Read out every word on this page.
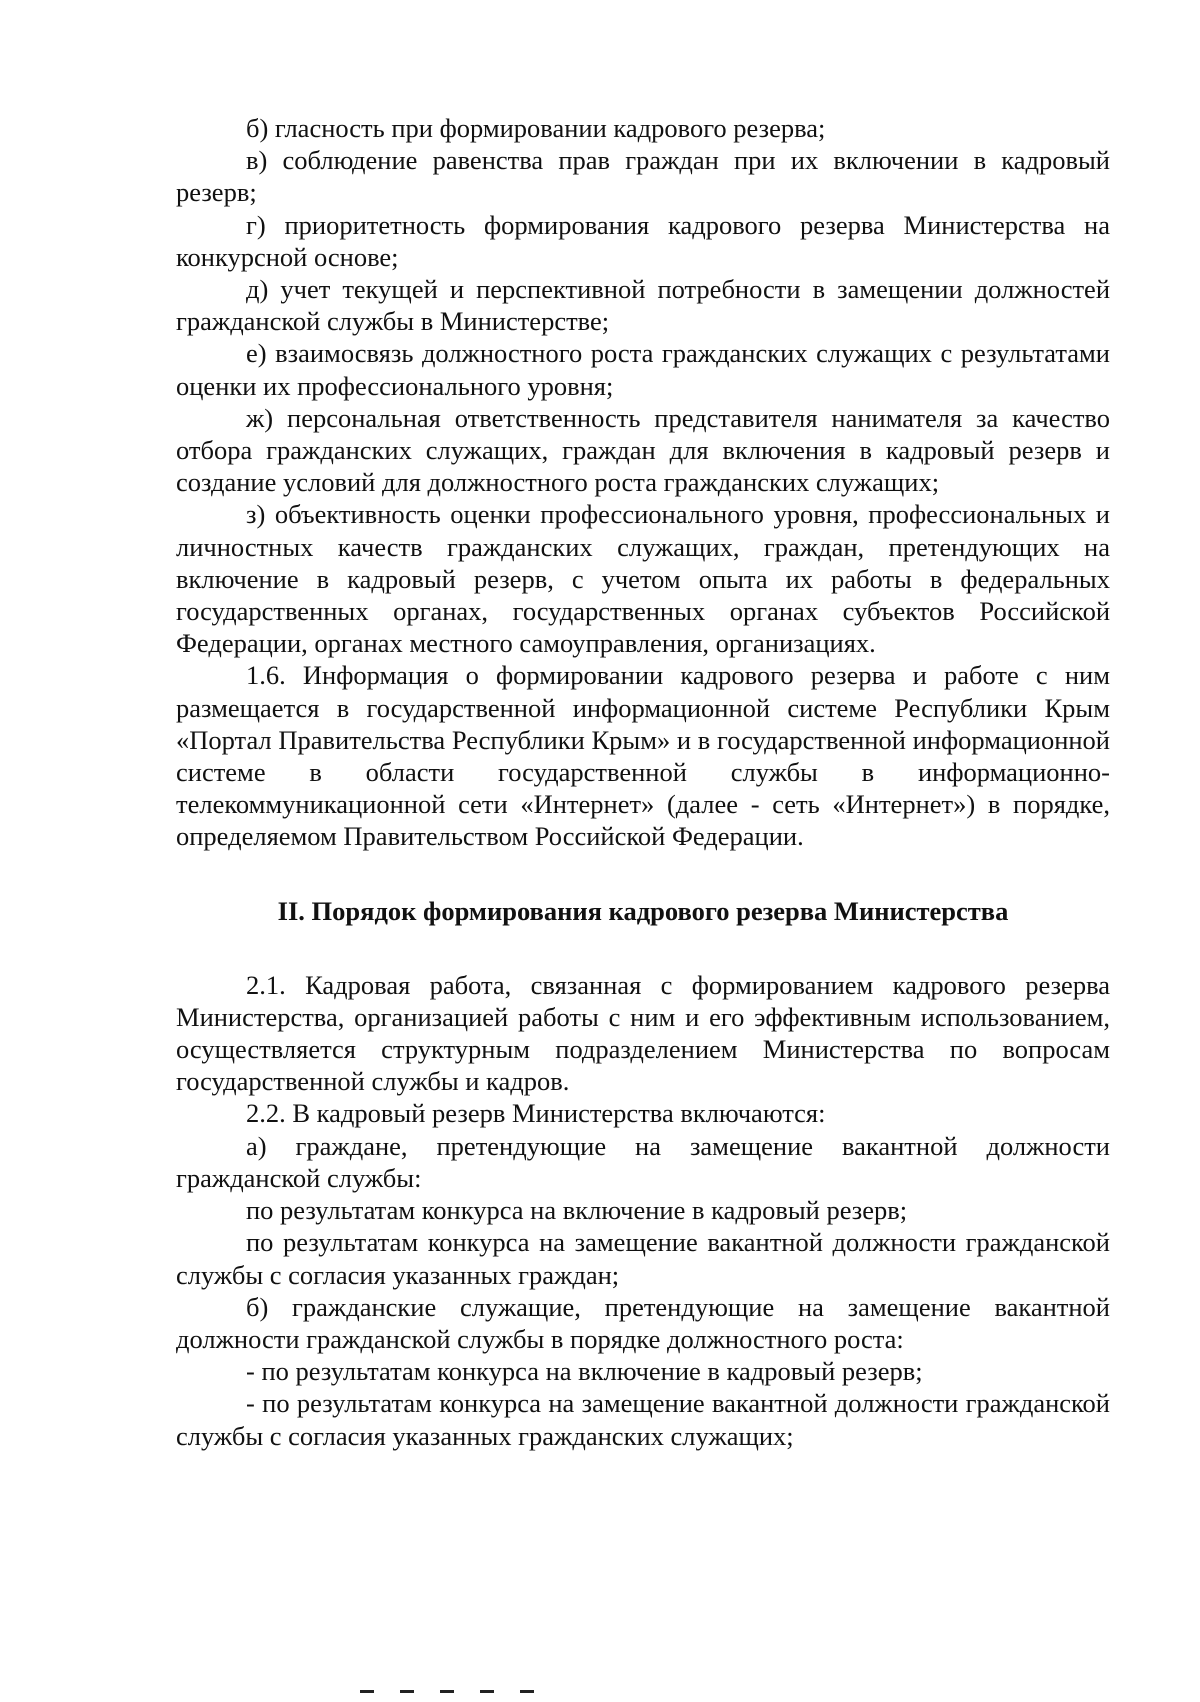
б) гласность при формировании кадрового резерва;

в) соблюдение равенства прав граждан при их включении в кадровый резерв;

г) приоритетность формирования кадрового резерва Министерства на конкурсной основе;

д) учет текущей и перспективной потребности в замещении должностей гражданской службы в Министерстве;

е) взаимосвязь должностного роста гражданских служащих с результатами оценки их профессионального уровня;

ж) персональная ответственность представителя нанимателя за качество отбора гражданских служащих, граждан для включения в кадровый резерв и создание условий для должностного роста гражданских служащих;

з) объективность оценки профессионального уровня, профессиональных и личностных качеств гражданских служащих, граждан, претендующих на включение в кадровый резерв, с учетом опыта их работы в федеральных государственных органах, государственных органах субъектов Российской Федерации, органах местного самоуправления, организациях.

1.6. Информация о формировании кадрового резерва и работе с ним размещается в государственной информационной системе Республики Крым «Портал Правительства Республики Крым» и в государственной информационной системе в области государственной службы в информационно-телекоммуникационной сети «Интернет» (далее - сеть «Интернет») в порядке, определяемом Правительством Российской Федерации.

II. Порядок формирования кадрового резерва Министерства

2.1. Кадровая работа, связанная с формированием кадрового резерва Министерства, организацией работы с ним и его эффективным использованием, осуществляется структурным подразделением Министерства по вопросам государственной службы и кадров.

2.2. В кадровый резерв Министерства включаются:

а) граждане, претендующие на замещение вакантной должности гражданской службы:

по результатам конкурса на включение в кадровый резерв;

по результатам конкурса на замещение вакантной должности гражданской службы с согласия указанных граждан;

б) гражданские служащие, претендующие на замещение вакантной должности гражданской службы в порядке должностного роста:

- по результатам конкурса на включение в кадровый резерв;

- по результатам конкурса на замещение вакантной должности гражданской службы с согласия указанных гражданских служащих;
